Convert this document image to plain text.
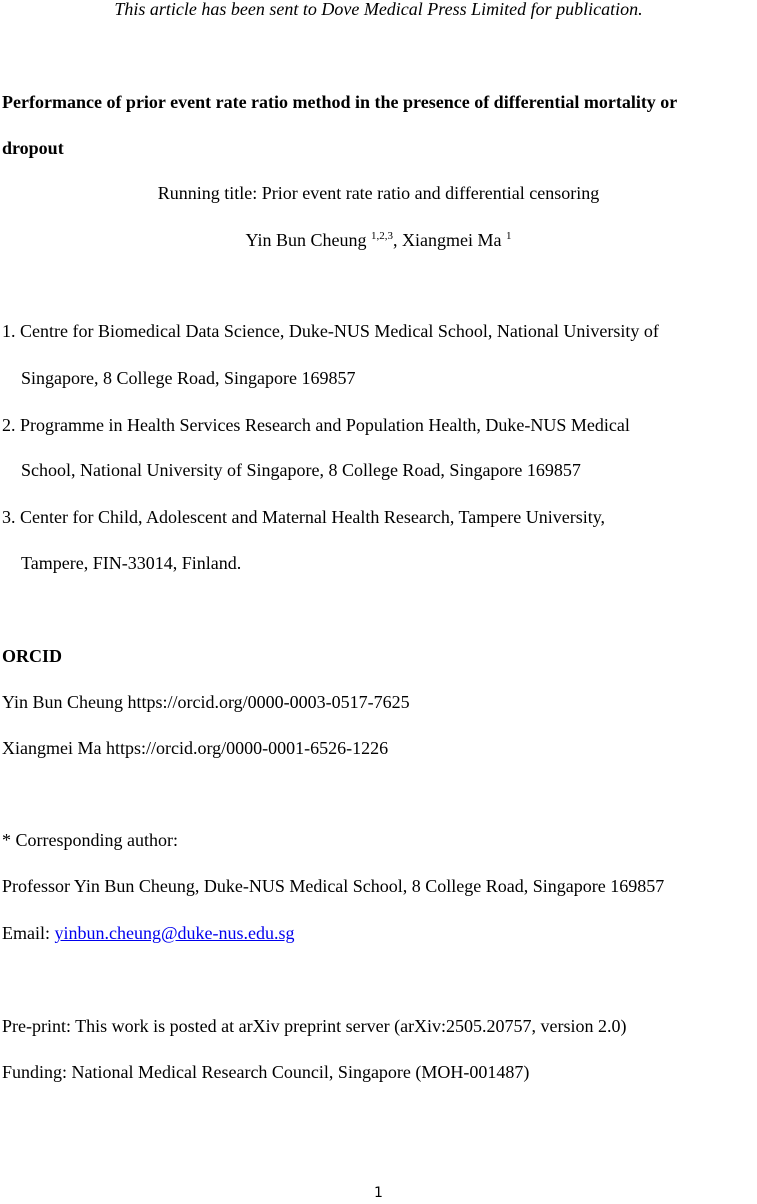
This article has been sent to Dove Medical Press Limited for publication.
Performance of prior event rate ratio method in the presence of differential mortality or
dropout
Running title: Prior event rate ratio and differential censoring
Yin Bun Cheung $^{1,2,3}$, Xiangmei Ma $^1$
1. Centre for Biomedical Data Science, Duke-NUS Medical School, National University of
Singapore, 8 College Road, Singapore 169857
2. Programme in Health Services Research and Population Health, Duke-NUS Medical
School, National University of Singapore, 8 College Road, Singapore 169857
3. Center for Child, Adolescent and Maternal Health Research, Tampere University,
Tampere, FIN-33014, Finland.
ORCID
Yin Bun Cheung https://orcid.org/0000-0003-0517-7625
Xiangmei Ma https://orcid.org/0000-0001-6526-1226
* Corresponding author:
Professor Yin Bun Cheung, Duke-NUS Medical School, 8 College Road, Singapore 169857
Email: yinbun.cheung@duke-nus.edu.sg
Pre-print: This work is posted at arXiv preprint server (arXiv:2505.20757, version 2.0)
Funding: National Medical Research Council, Singapore (MOH-001487)
1
